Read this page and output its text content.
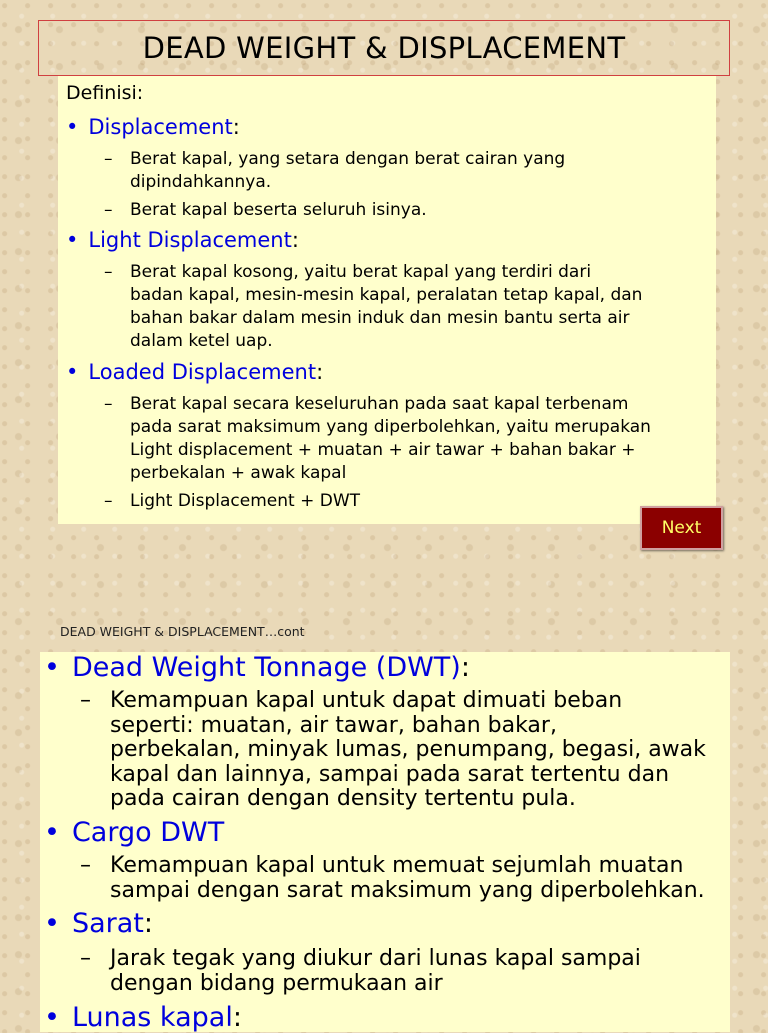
DEAD WEIGHT & DISPLACEMENT
Definisi:
• Displacement:
– Berat kapal, yang setara dengan berat cairan yang
dipindahkannya.
– Berat kapal beserta seluruh isinya.
• Light Displacement:
– Berat kapal kosong, yaitu berat kapal yang terdiri dari
badan kapal, mesin-mesin kapal, peralatan tetap kapal, dan
bahan bakar dalam mesin induk dan mesin bantu serta air
dalam ketel uap.
• Loaded Displacement:
– Berat kapal secara keseluruhan pada saat kapal terbenam
pada sarat maksimum yang diperbolehkan, yaitu merupakan
Light displacement + muatan + air tawar + bahan bakar +
perbekalan + awak kapal
– Light Displacement + DWT
Next
DEAD WEIGHT & DISPLACEMENT…cont
• Dead Weight Tonnage (DWT):
– Kemampuan kapal untuk dapat dimuati beban
seperti: muatan, air tawar, bahan bakar,
perbekalan, minyak lumas, penumpang, begasi, awak
kapal dan lainnya, sampai pada sarat tertentu dan
pada cairan dengan density tertentu pula.
• Cargo DWT
– Kemampuan kapal untuk memuat sejumlah muatan
sampai dengan sarat maksimum yang diperbolehkan.
• Sarat:
– Jarak tegak yang diukur dari lunas kapal sampai
dengan bidang permukaan air
• Lunas kapal:
